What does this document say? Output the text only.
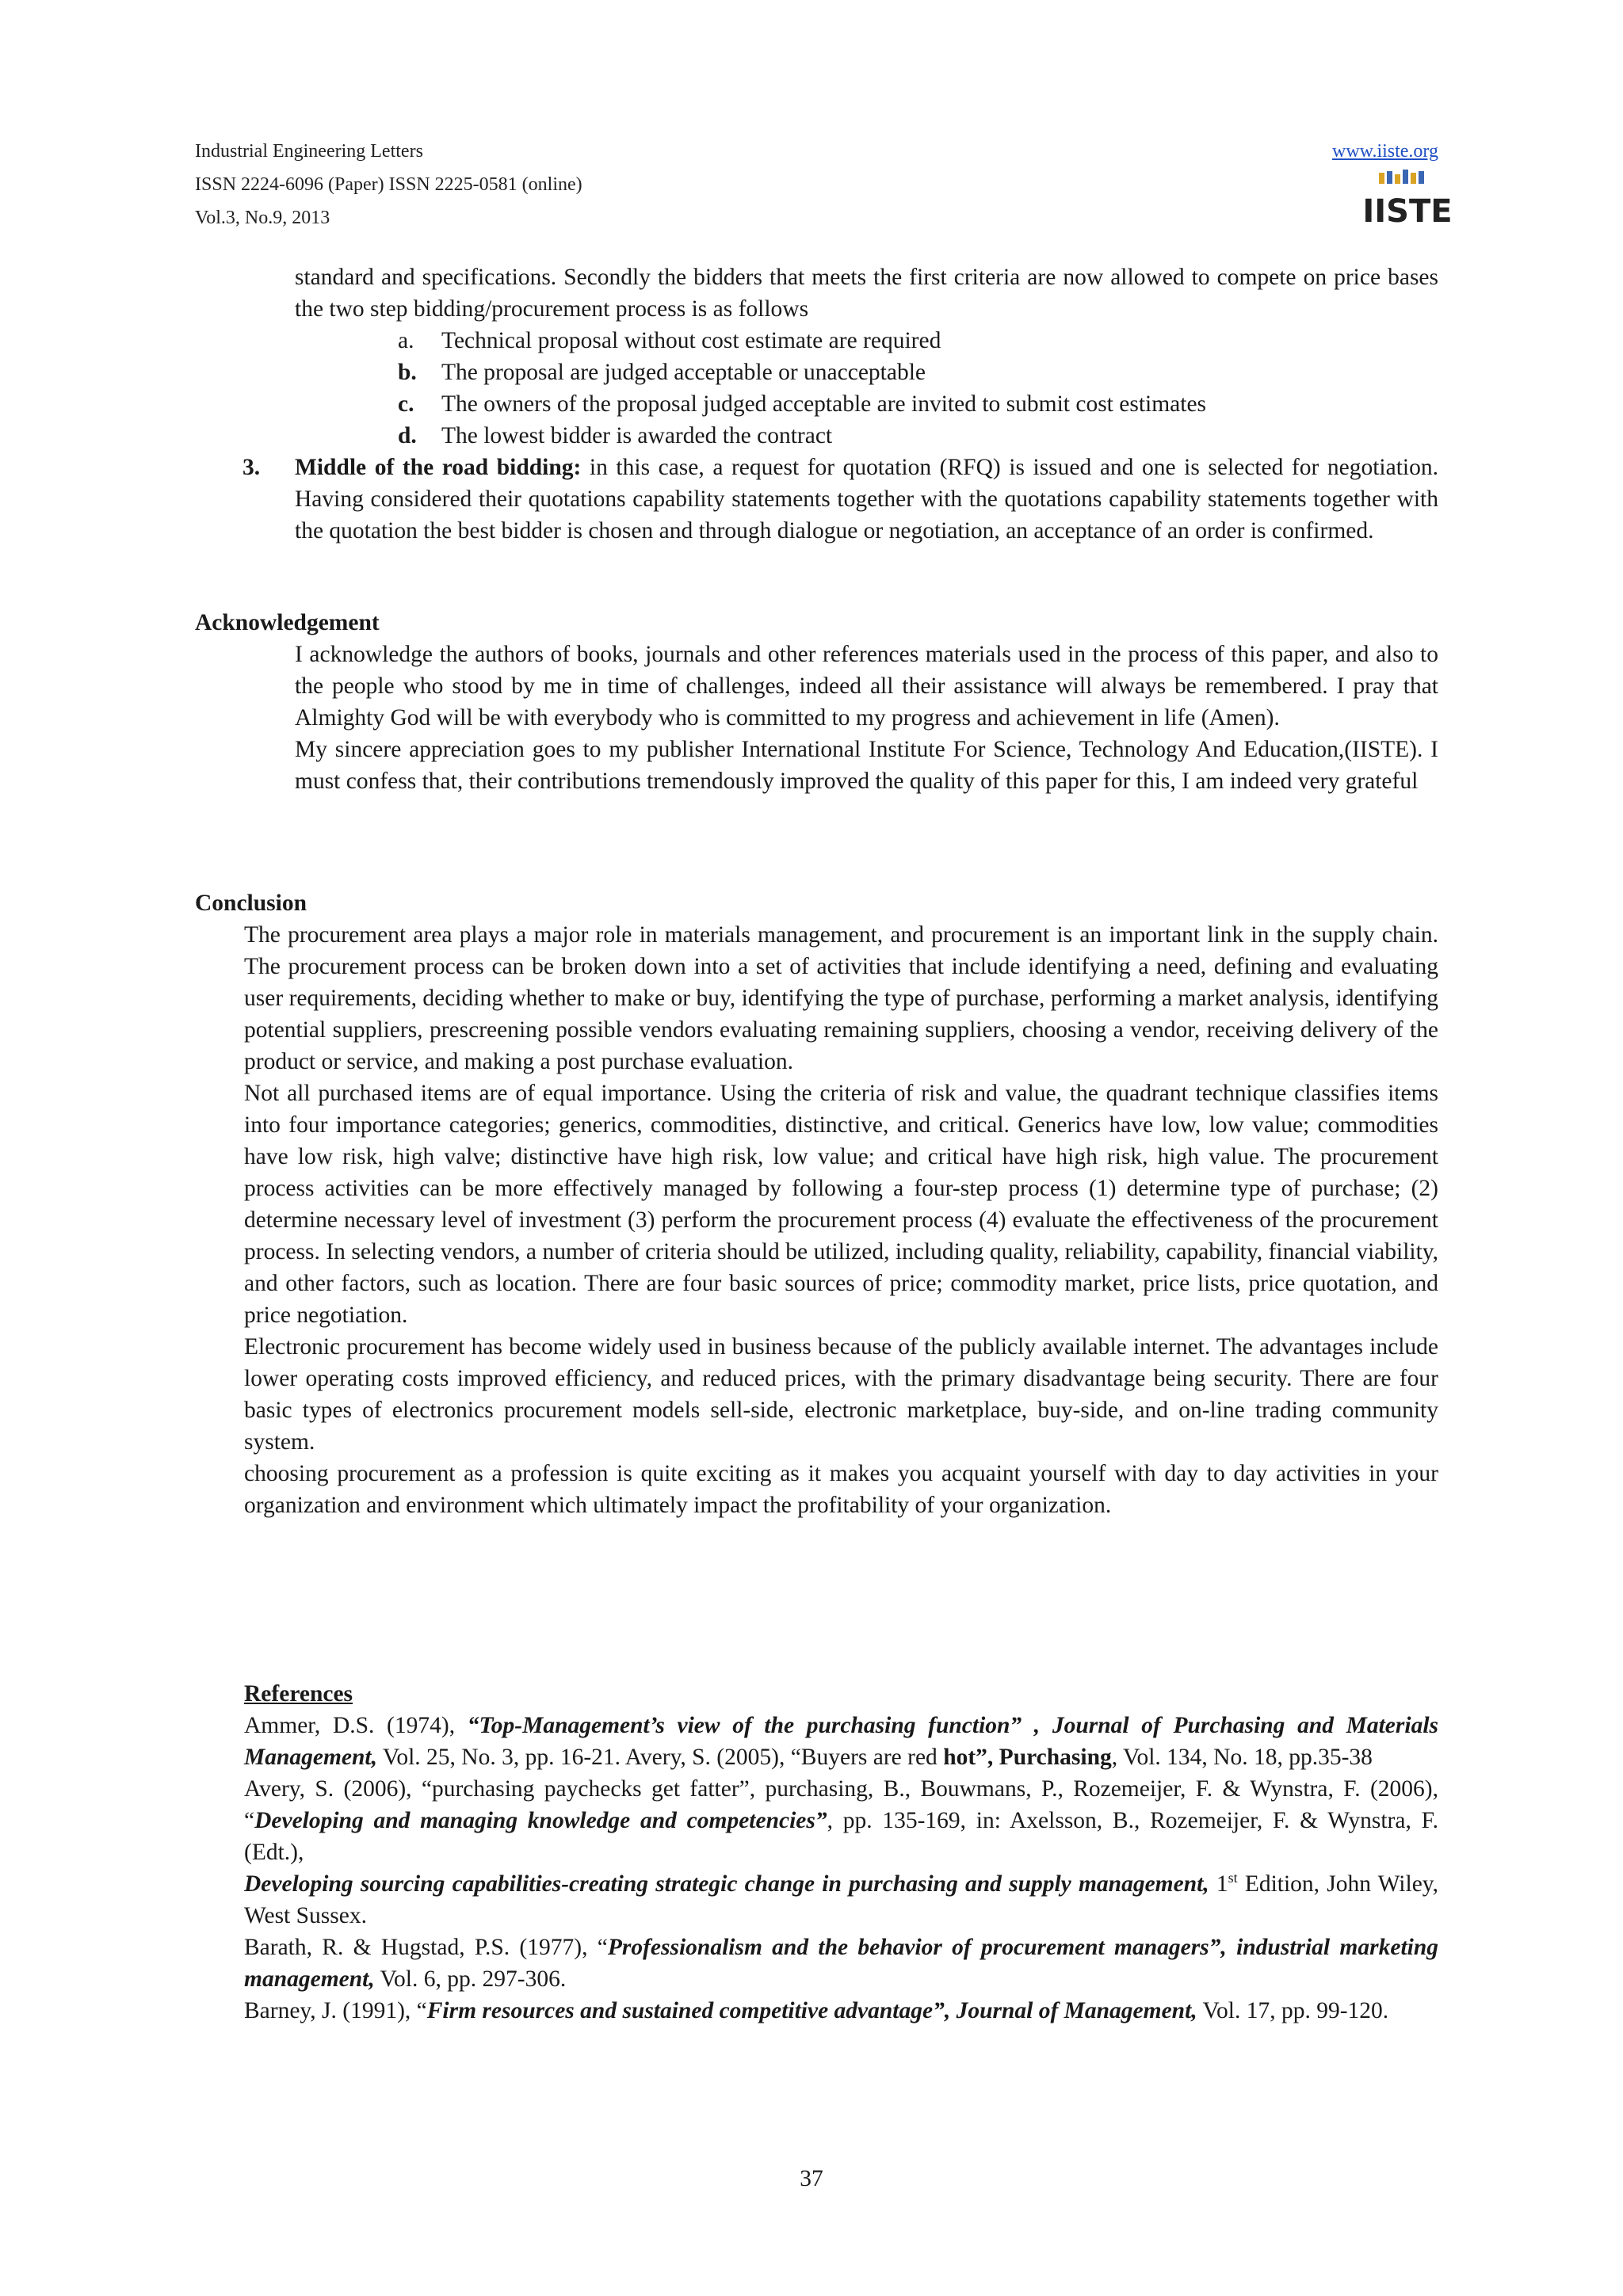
Industrial Engineering Letters
ISSN 2224-6096 (Paper) ISSN 2225-0581 (online)
Vol.3, No.9, 2013
www.iiste.org
IISTE

standard and specifications. Secondly the bidders that meets the first criteria are now allowed to compete on price bases the two step bidding/procurement process is as follows

a. Technical proposal without cost estimate are required
b. The proposal are judged acceptable or unacceptable
c. The owners of the proposal judged acceptable are invited to submit cost estimates
d. The lowest bidder is awarded the contract
3. Middle of the road bidding: in this case, a request for quotation (RFQ) is issued and one is selected for negotiation. Having considered their quotations capability statements together with the quotations capability statements together with the quotation the best bidder is chosen and through dialogue or negotiation, an acceptance of an order is confirmed.

Acknowledgement

I acknowledge the authors of books, journals and other references materials used in the process of this paper, and also to the people who stood by me in time of challenges, indeed all their assistance will always be remembered. I pray that Almighty God will be with everybody who is committed to my progress and achievement in life (Amen).

My sincere appreciation goes to my publisher International Institute For Science, Technology And Education,(IISTE). I must confess that, their contributions tremendously improved the quality of this paper for this, I am indeed very grateful

Conclusion

The procurement area plays a major role in materials management, and procurement is an important link in the supply chain. The procurement process can be broken down into a set of activities that include identifying a need, defining and evaluating user requirements, deciding whether to make or buy, identifying the type of purchase, performing a market analysis, identifying potential suppliers, prescreening possible vendors evaluating remaining suppliers, choosing a vendor, receiving delivery of the product or service, and making a post purchase evaluation.

Not all purchased items are of equal importance. Using the criteria of risk and value, the quadrant technique classifies items into four importance categories; generics, commodities, distinctive, and critical. Generics have low, low value; commodities have low risk, high valve; distinctive have high risk, low value; and critical have high risk, high value. The procurement process activities can be more effectively managed by following a four-step process (1) determine type of purchase; (2) determine necessary level of investment (3) perform the procurement process (4) evaluate the effectiveness of the procurement process. In selecting vendors, a number of criteria should be utilized, including quality, reliability, capability, financial viability, and other factors, such as location. There are four basic sources of price; commodity market, price lists, price quotation, and price negotiation.

Electronic procurement has become widely used in business because of the publicly available internet. The advantages include lower operating costs improved efficiency, and reduced prices, with the primary disadvantage being security. There are four basic types of electronics procurement models sell-side, electronic marketplace, buy-side, and on-line trading community system.

choosing procurement as a profession is quite exciting as it makes you acquaint yourself with day to day activities in your organization and environment which ultimately impact the profitability of your organization.

References

Ammer, D.S. (1974), “Top-Management’s view of the purchasing function” , Journal of Purchasing and Materials Management, Vol. 25, No. 3, pp. 16-21. Avery, S. (2005), “Buyers are red hot”, Purchasing, Vol. 134, No. 18, pp.35-38

Avery, S. (2006), “purchasing paychecks get fatter”, purchasing, B., Bouwmans, P., Rozemeijer, F. & Wynstra, F. (2006), “Developing and managing knowledge and competencies”, pp. 135-169, in: Axelsson, B., Rozemeijer, F. & Wynstra, F. (Edt.),

Developing sourcing capabilities-creating strategic change in purchasing and supply management, 1st Edition, John Wiley, West Sussex.

Barath, R. & Hugstad, P.S. (1977), “Professionalism and the behavior of procurement managers”, industrial marketing management, Vol. 6, pp. 297-306.

Barney, J. (1991), “Firm resources and sustained competitive advantage”, Journal of Management, Vol. 17, pp. 99-120.

37
